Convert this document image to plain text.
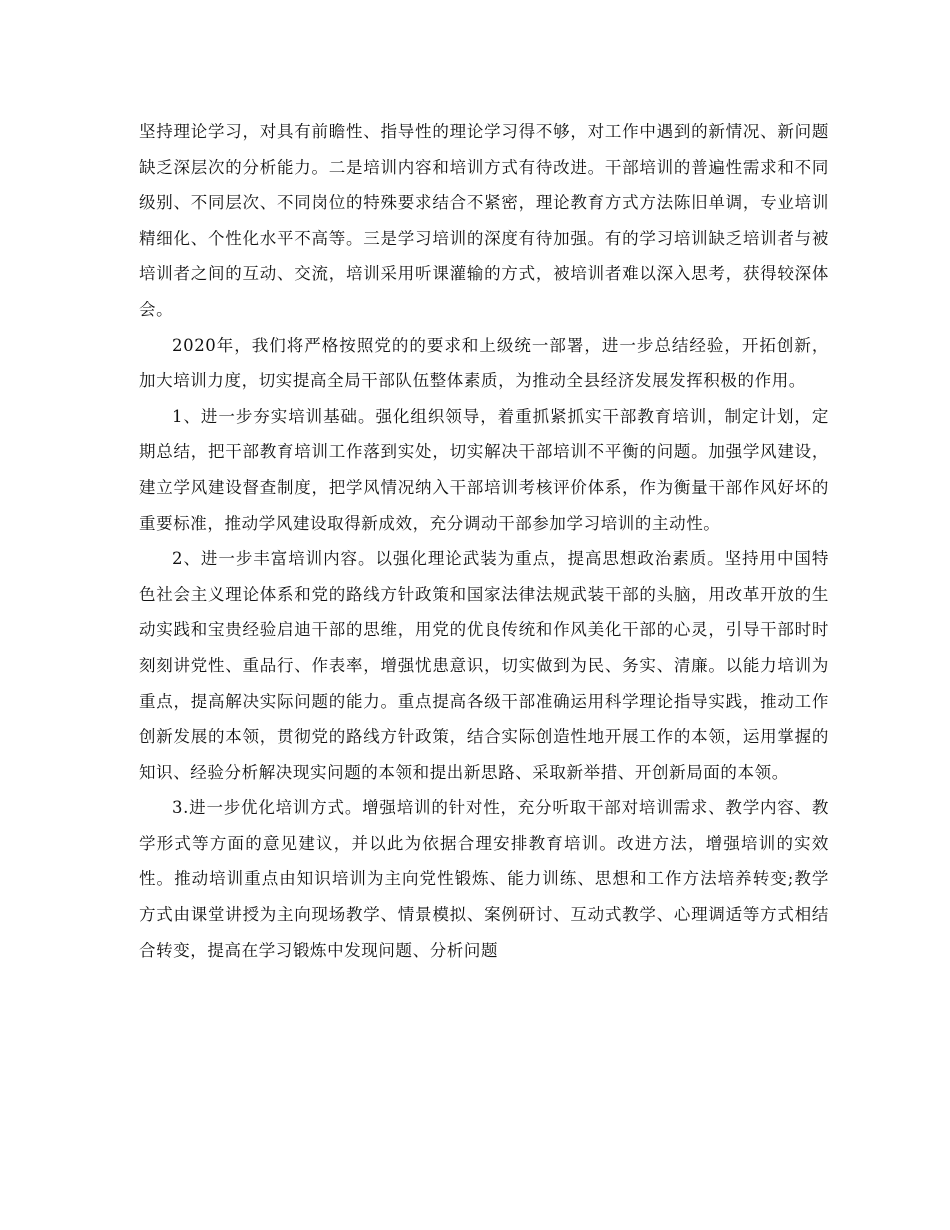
坚持理论学习，对具有前瞻性、指导性的理论学习得不够，对工作中遇到的新情况、新问题缺乏深层次的分析能力。二是培训内容和培训方式有待改进。干部培训的普遍性需求和不同级别、不同层次、不同岗位的特殊要求结合不紧密，理论教育方式方法陈旧单调，专业培训精细化、个性化水平不高等。三是学习培训的深度有待加强。有的学习培训缺乏培训者与被培训者之间的互动、交流，培训采用听课灌输的方式，被培训者难以深入思考，获得较深体会。

2020年，我们将严格按照党的的要求和上级统一部署，进一步总结经验，开拓创新，加大培训力度，切实提高全局干部队伍整体素质，为推动全县经济发展发挥积极的作用。

1、进一步夯实培训基础。强化组织领导，着重抓紧抓实干部教育培训，制定计划，定期总结，把干部教育培训工作落到实处，切实解决干部培训不平衡的问题。加强学风建设，建立学风建设督查制度，把学风情况纳入干部培训考核评价体系，作为衡量干部作风好坏的重要标准，推动学风建设取得新成效，充分调动干部参加学习培训的主动性。

2、进一步丰富培训内容。以强化理论武装为重点，提高思想政治素质。坚持用中国特色社会主义理论体系和党的路线方针政策和国家法律法规武装干部的头脑，用改革开放的生动实践和宝贵经验启迪干部的思维，用党的优良传统和作风美化干部的心灵，引导干部时时刻刻讲党性、重品行、作表率，增强忧患意识，切实做到为民、务实、清廉。以能力培训为重点，提高解决实际问题的能力。重点提高各级干部准确运用科学理论指导实践，推动工作创新发展的本领，贯彻党的路线方针政策，结合实际创造性地开展工作的本领，运用掌握的知识、经验分析解决现实问题的本领和提出新思路、采取新举措、开创新局面的本领。

3.进一步优化培训方式。增强培训的针对性，充分听取干部对培训需求、教学内容、教学形式等方面的意见建议，并以此为依据合理安排教育培训。改进方法，增强培训的实效性。推动培训重点由知识培训为主向党性锻炼、能力训练、思想和工作方法培养转变;教学方式由课堂讲授为主向现场教学、情景模拟、案例研讨、互动式教学、心理调适等方式相结合转变，提高在学习锻炼中发现问题、分析问题
